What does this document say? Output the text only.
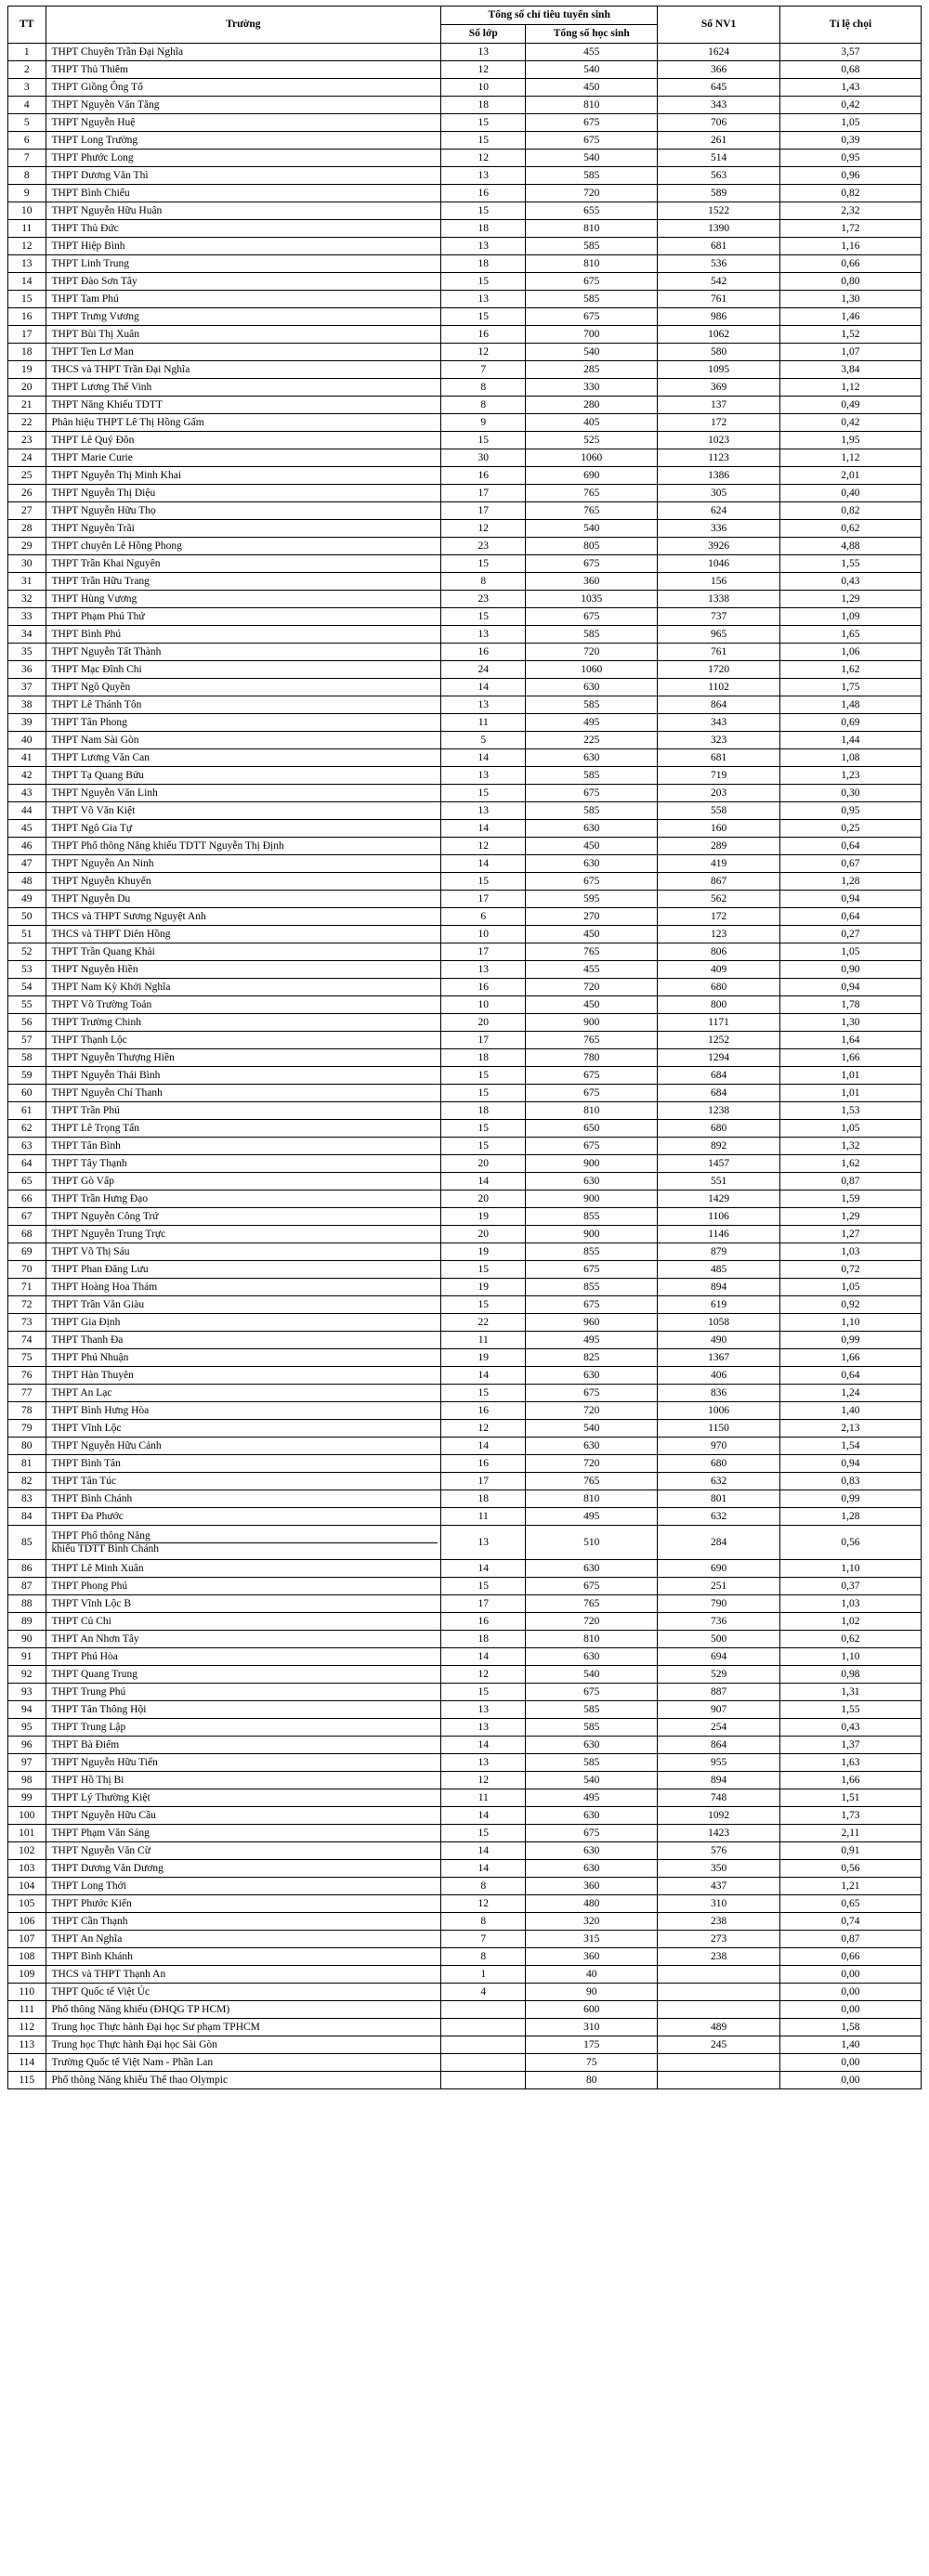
TT	Trường	Tổng số chỉ tiêu tuyển sinh		Số NV1	Tỉ lệ chọi
		Số lớp	Tổng số học sinh		
1	THPT Chuyên Trần Đại Nghĩa	13	455	1624	3,57
2	THPT Thủ Thiêm	12	540	366	0,68
3	THPT Giồng Ông Tố	10	450	645	1,43
4	THPT Nguyễn Văn Tăng	18	810	343	0,42
5	THPT Nguyễn Huệ	15	675	706	1,05
6	THPT Long Trường	15	675	261	0,39
7	THPT Phước Long	12	540	514	0,95
8	THPT Dương Văn Thì	13	585	563	0,96
9	THPT Bình Chiểu	16	720	589	0,82
10	THPT Nguyễn Hữu Huân	15	655	1522	2,32
11	THPT Thủ Đức	18	810	1390	1,72
12	THPT Hiệp Bình	13	585	681	1,16
13	THPT Linh Trung	18	810	536	0,66
14	THPT Đào Sơn Tây	15	675	542	0,80
15	THPT Tam Phú	13	585	761	1,30
16	THPT Trưng Vương	15	675	986	1,46
17	THPT Bùi Thị Xuân	16	700	1062	1,52
18	THPT Ten Lơ Man	12	540	580	1,07
19	THCS và THPT Trần Đại Nghĩa	7	285	1095	3,84
20	THPT Lương Thế Vinh	8	330	369	1,12
21	THPT Năng Khiếu TDTT	8	280	137	0,49
22	Phân hiệu THPT Lê Thị Hồng Gấm	9	405	172	0,42
23	THPT Lê Quý Đôn	15	525	1023	1,95
24	THPT Marie Curie	30	1060	1123	1,12
25	THPT Nguyễn Thị Minh Khai	16	690	1386	2,01
26	THPT Nguyễn Thị Diệu	17	765	305	0,40
27	THPT Nguyễn Hữu Thọ	17	765	624	0,82
28	THPT Nguyễn Trãi	12	540	336	0,62
29	THPT chuyên Lê Hồng Phong	23	805	3926	4,88
30	THPT Trần Khai Nguyên	15	675	1046	1,55
31	THPT Trần Hữu Trang	8	360	156	0,43
32	THPT Hùng Vương	23	1035	1338	1,29
33	THPT Phạm Phú Thứ	15	675	737	1,09
34	THPT Bình Phú	13	585	965	1,65
35	THPT Nguyễn Tất Thành	16	720	761	1,06
36	THPT Mạc Đĩnh Chi	24	1060	1720	1,62
37	THPT Ngô Quyền	14	630	1102	1,75
38	THPT Lê Thánh Tôn	13	585	864	1,48
39	THPT Tân Phong	11	495	343	0,69
40	THPT Nam Sài Gòn	5	225	323	1,44
41	THPT Lương Văn Can	14	630	681	1,08
42	THPT Tạ Quang Bửu	13	585	719	1,23
43	THPT Nguyễn Văn Linh	15	675	203	0,30
44	THPT Võ Văn Kiệt	13	585	558	0,95
45	THPT Ngô Gia Tự	14	630	160	0,25
46	THPT Phổ thông Năng khiếu TDTT Nguyễn Thị Định	12	450	289	0,64
47	THPT Nguyễn An Ninh	14	630	419	0,67
48	THPT Nguyễn Khuyến	15	675	867	1,28
49	THPT Nguyễn Du	17	595	562	0,94
50	THCS và THPT Sương Nguyệt Anh	6	270	172	0,64
51	THCS và THPT Diên Hồng	10	450	123	0,27
52	THPT Trần Quang Khải	17	765	806	1,05
53	THPT Nguyễn Hiền	13	455	409	0,90
54	THPT Nam Kỳ Khởi Nghĩa	16	720	680	0,94
55	THPT Võ Trường Toản	10	450	800	1,78
56	THPT Trường Chinh	20	900	1171	1,30
57	THPT Thạnh Lộc	17	765	1252	1,64
58	THPT Nguyễn Thượng Hiền	18	780	1294	1,66
59	THPT Nguyễn Thái Bình	15	675	684	1,01
60	THPT Nguyễn Chí Thanh	15	675	684	1,01
61	THPT Trần Phú	18	810	1238	1,53
62	THPT Lê Trọng Tấn	15	650	680	1,05
63	THPT Tân Bình	15	675	892	1,32
64	THPT Tây Thạnh	20	900	1457	1,62
65	THPT Gò Vấp	14	630	551	0,87
66	THPT Trần Hưng Đạo	20	900	1429	1,59
67	THPT Nguyễn Công Trứ	19	855	1106	1,29
68	THPT Nguyễn Trung Trực	20	900	1146	1,27
69	THPT Võ Thị Sáu	19	855	879	1,03
70	THPT Phan Đăng Lưu	15	675	485	0,72
71	THPT Hoàng Hoa Thám	19	855	894	1,05
72	THPT Trần Văn Giàu	15	675	619	0,92
73	THPT Gia Định	22	960	1058	1,10
74	THPT Thanh Đa	11	495	490	0,99
75	THPT Phú Nhuận	19	825	1367	1,66
76	THPT Hàn Thuyên	14	630	406	0,64
77	THPT An Lạc	15	675	836	1,24
78	THPT Bình Hưng Hòa	16	720	1006	1,40
79	THPT Vĩnh Lộc	12	540	1150	2,13
80	THPT Nguyễn Hữu Cảnh	14	630	970	1,54
81	THPT Bình Tân	16	720	680	0,94
82	THPT Tân Túc	17	765	632	0,83
83	THPT Bình Chánh	18	810	801	0,99
84	THPT Đa Phước	11	495	632	1,28
85	THPT Phổ thông Năng
khiếu TDTT Bình Chánh	13	510	284	0,56
86	THPT Lê Minh Xuân	14	630	690	1,10
87	THPT Phong Phú	15	675	251	0,37
88	THPT Vĩnh Lộc B	17	765	790	1,03
89	THPT Củ Chi	16	720	736	1,02
90	THPT An Nhơn Tây	18	810	500	0,62
91	THPT Phú Hòa	14	630	694	1,10
92	THPT Quang Trung	12	540	529	0,98
93	THPT Trung Phú	15	675	887	1,31
94	THPT Tân Thông Hội	13	585	907	1,55
95	THPT Trung Lập	13	585	254	0,43
96	THPT Bà Điểm	14	630	864	1,37
97	THPT Nguyễn Hữu Tiến	13	585	955	1,63
98	THPT Hồ Thị Bi	12	540	894	1,66
99	THPT Lý Thường Kiệt	11	495	748	1,51
100	THPT Nguyễn Hữu Cầu	14	630	1092	1,73
101	THPT Phạm Văn Sáng	15	675	1423	2,11
102	THPT Nguyễn Văn Cừ	14	630	576	0,91
103	THPT Dương Văn Dương	14	630	350	0,56
104	THPT Long Thới	8	360	437	1,21
105	THPT Phước Kiển	12	480	310	0,65
106	THPT Cần Thạnh	8	320	238	0,74
107	THPT An Nghĩa	7	315	273	0,87
108	THPT Bình Khánh	8	360	238	0,66
109	THCS và THPT Thạnh An	1	40		0,00
110	THPT Quốc tế Việt Úc	4	90		0,00
111	Phổ thông Năng khiếu (ĐHQG TP HCM)		600		0,00
112	Trung học Thực hành Đại học Sư phạm TPHCM		310	489	1,58
113	Trung học Thực hành Đại học Sài Gòn		175	245	1,40
114	Trường Quốc tế Việt Nam - Phần Lan		75		0,00
115	Phổ thông Năng khiếu Thể thao Olympic		80		0,00
